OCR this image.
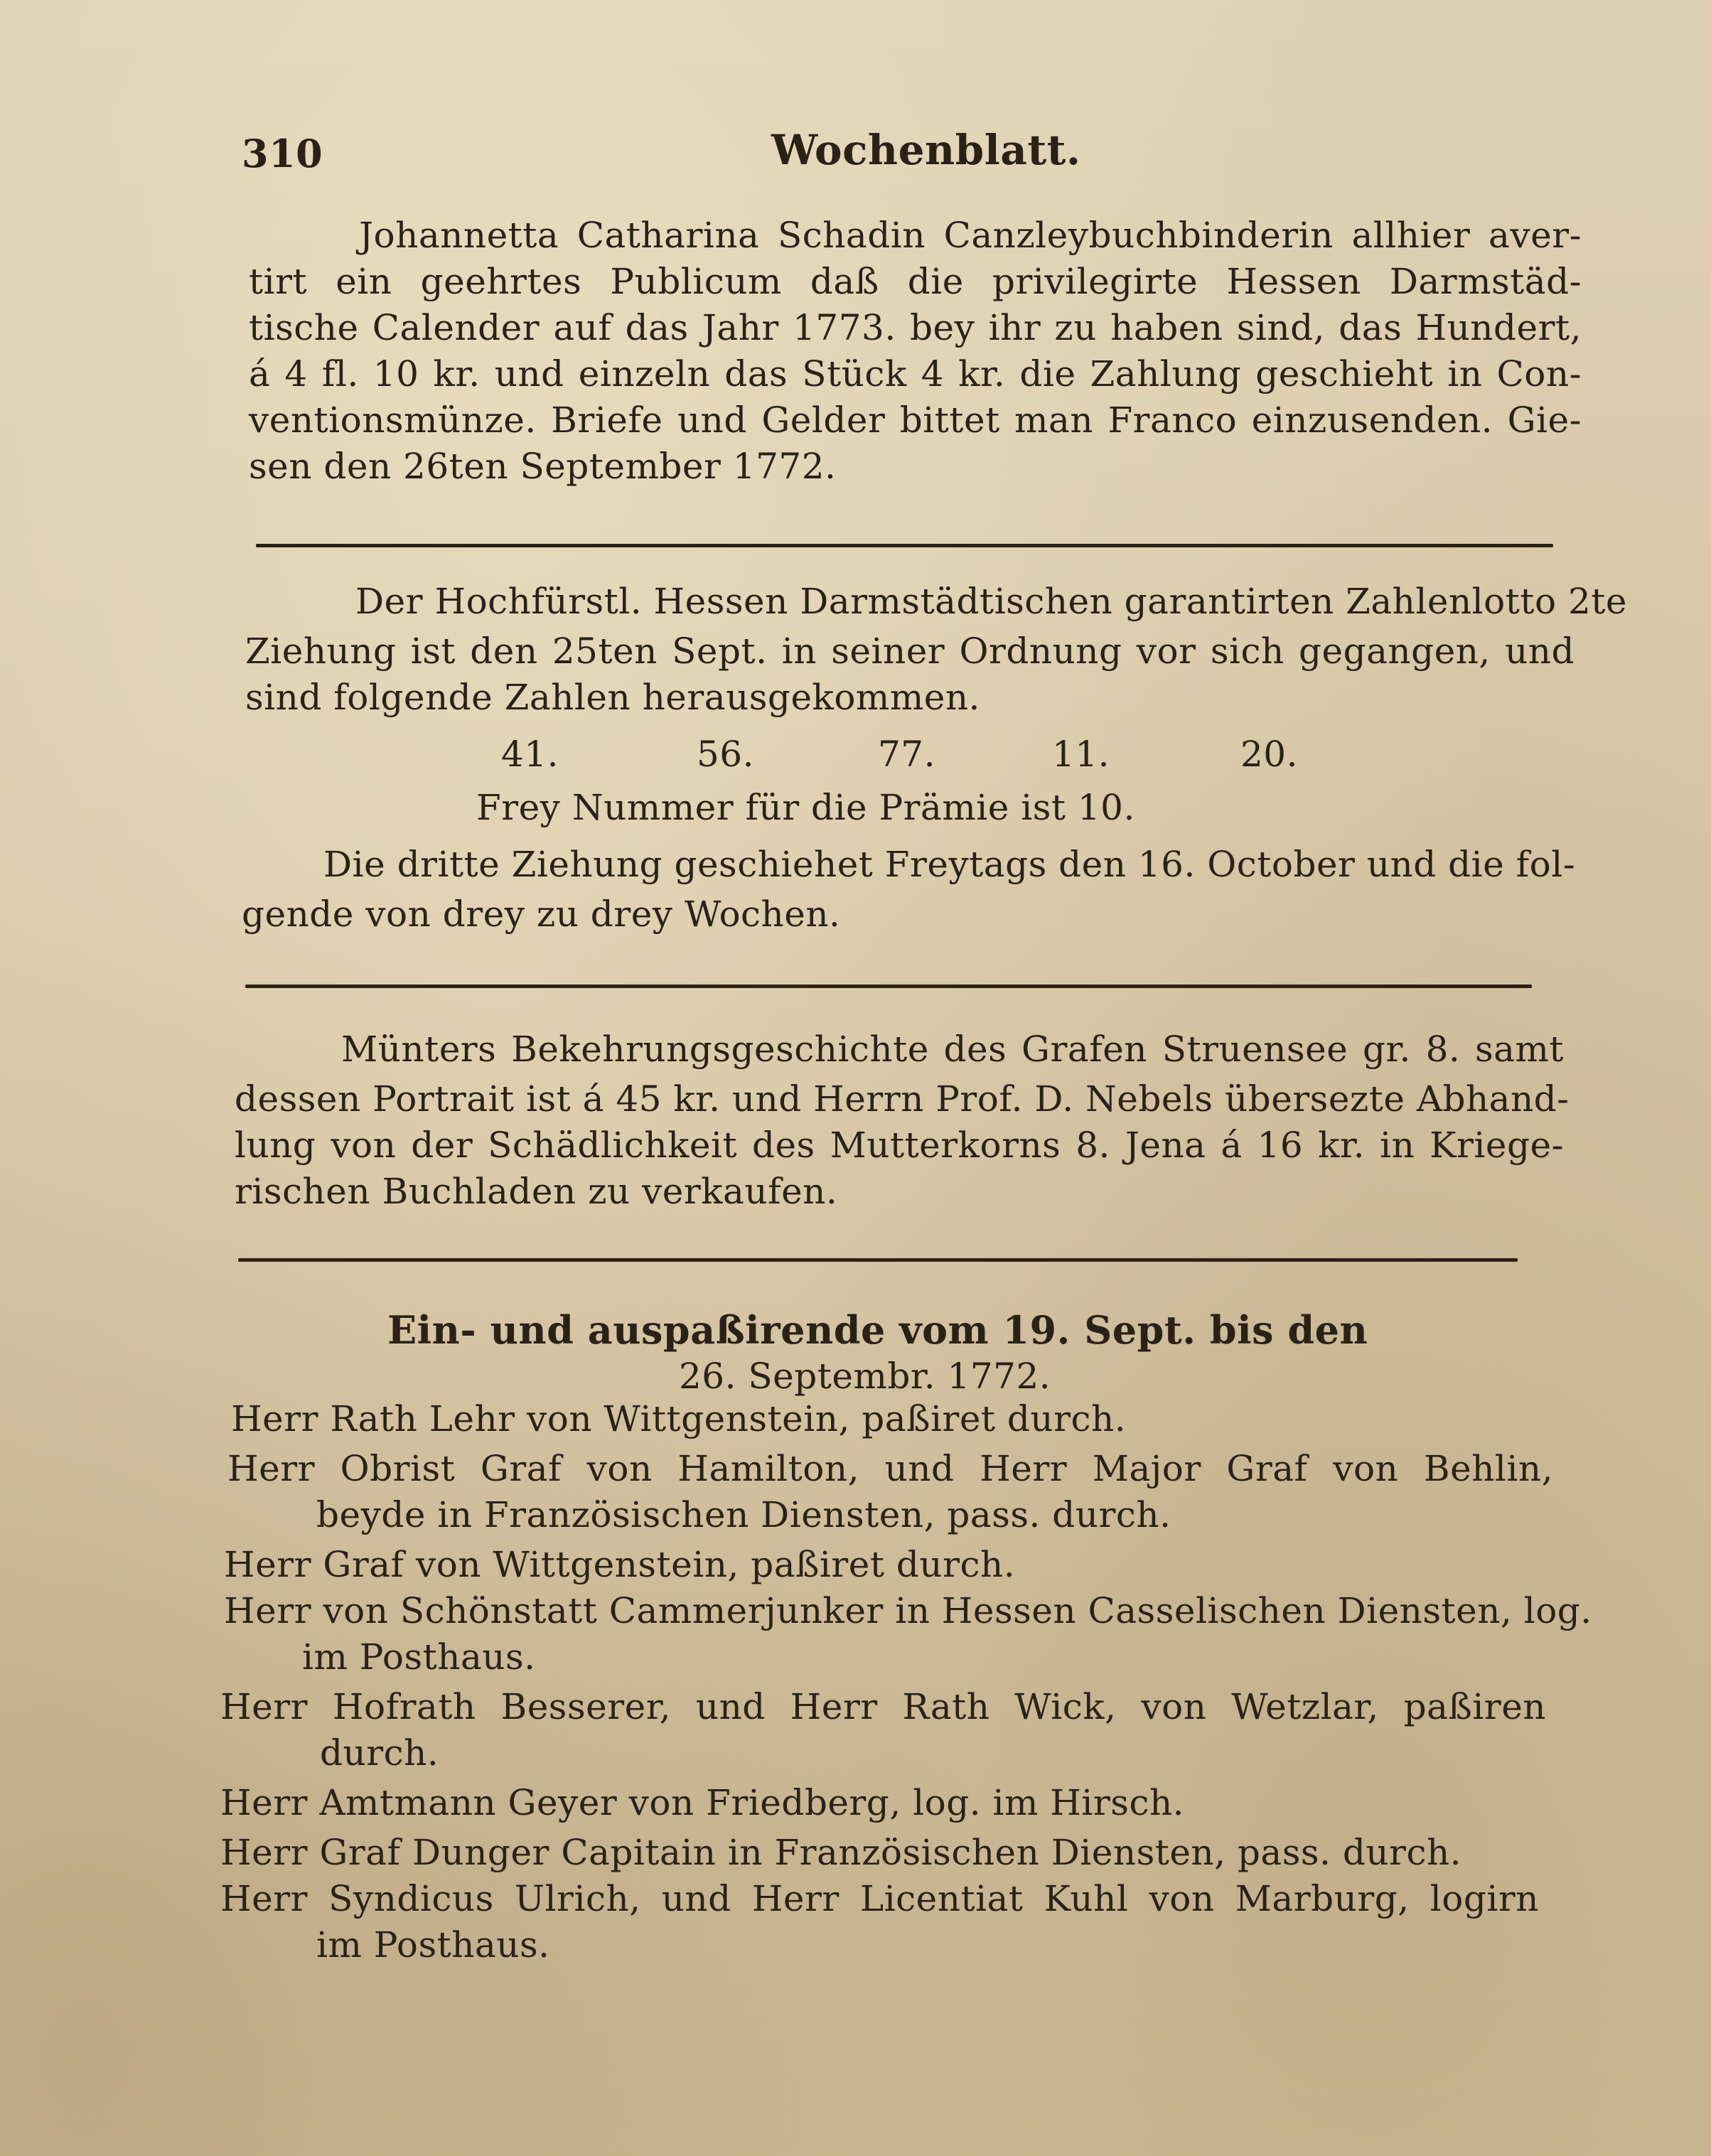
310	Wochenblatt.
Johannetta Catharina Schadin Canzleybuchbinderin allhier aver-
tirt ein geehrtes Publicum daß die privilegirte Hessen Darmstäd-
tische Calender auf das Jahr 1773. bey ihr zu haben sind, das Hundert,
á 4 fl. 10 kr. und einzeln das Stück 4 kr. die Zahlung geschieht in Con-
ventionsmünze. Briefe und Gelder bittet man Franco einzusenden. Gie-
sen den 26ten September 1772.
Der Hochfürstl. Hessen Darmstädtischen garantirten Zahlenlotto 2te
Ziehung ist den 25ten Sept. in seiner Ordnung vor sich gegangen, und
sind folgende Zahlen herausgekommen.
41.	56.	77.	11.	20.
Frey Nummer für die Prämie ist 10.
Die dritte Ziehung geschiehet Freytags den 16. October und die fol-
gende von drey zu drey Wochen.
Münters Bekehrungsgeschichte des Grafen Struensee gr. 8. samt
dessen Portrait ist á 45 kr. und Herrn Prof. D. Nebels übersezte Abhand-
lung von der Schädlichkeit des Mutterkorns 8. Jena á 16 kr. in Kriege-
rischen Buchladen zu verkaufen.
Ein- und auspaßirende vom 19. Sept. bis den
26. Septembr. 1772.
Herr Rath Lehr von Wittgenstein, paßiret durch.
Herr Obrist Graf von Hamilton, und Herr Major Graf von Behlin,
beyde in Französischen Diensten, pass. durch.
Herr Graf von Wittgenstein, paßiret durch.
Herr von Schönstatt Cammerjunker in Hessen Casselischen Diensten, log.
im Posthaus.
Herr Hofrath Besserer, und Herr Rath Wick, von Wetzlar, paßiren
durch.
Herr Amtmann Geyer von Friedberg, log. im Hirsch.
Herr Graf Dunger Capitain in Französischen Diensten, pass. durch.
Herr Syndicus Ulrich, und Herr Licentiat Kuhl von Marburg, logirn
im Posthaus.
